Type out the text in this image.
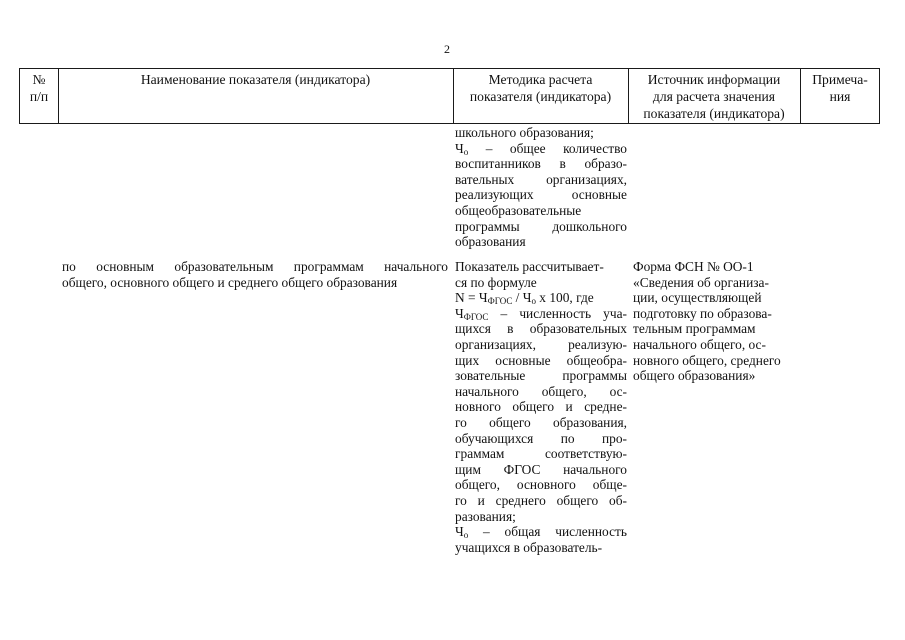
2
№
п/п
Наименование показателя (индикатора)	Методика расчета
показателя (индикатора)
Источник информации
для расчета значения
показателя (индикатора)
Примеча-
ния
школьного образования;
$Ч_о$ – общее количество
воспитанников в образо-
вательных организациях,
реализующих основные
общеобразовательные
программы дошкольного
образования
по основным образовательным программам начального
общего, основного общего и среднего общего образования
Показатель рассчитывает-
ся по формуле
$N = Ч_{ФГОС} / Ч_о$ x 100, где
$Ч_{ФГОС}$ – численность уча-
щихся в образовательных
организациях, реализую-
щих основные общеобра-
зовательные программы
начального общего, ос-
новного общего и средне-
го общего образования,
обучающихся по про-
граммам соответствую-
щим ФГОС начального
общего, основного обще-
го и среднего общего об-
разования;
$Ч_о$ – общая численность
учащихся в образователь-
Форма ФСН № ОО-1
«Сведения об организа-
ции, осуществляющей
подготовку по образова-
тельным программам
начального общего, ос-
новного общего, среднего
общего образования»
